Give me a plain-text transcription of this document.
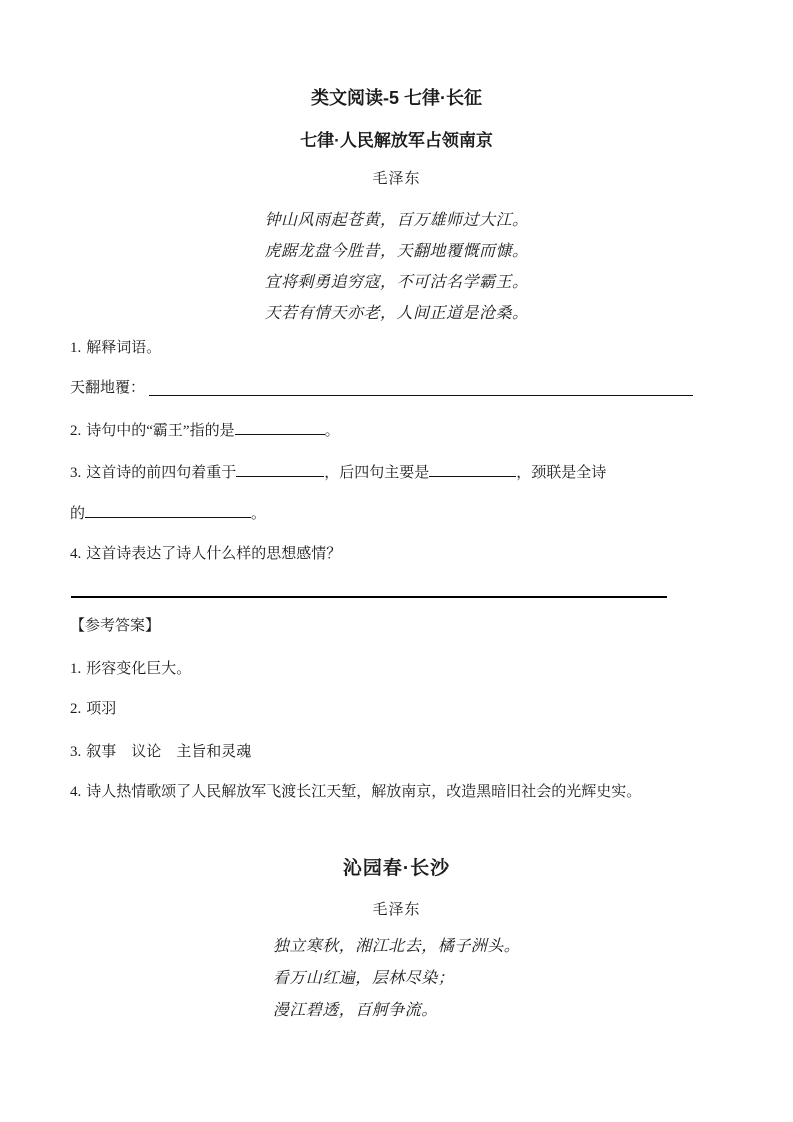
类文阅读-5 七律·长征
七律·人民解放军占领南京
毛泽东
钟山风雨起苍黄，百万雄师过大江。
虎踞龙盘今胜昔，天翻地覆慨而慷。
宜将剩勇追穷寇，不可沽名学霸王。
天若有情天亦老，人间正道是沧桑。
1. 解释词语。
天翻地覆：
2. 诗句中的“霸王”指的是	。
3. 这首诗的前四句着重于	，后四句主要是	，颈联是全诗
的	。
4. 这首诗表达了诗人什么样的思想感情？
【参考答案】
1. 形容变化巨大。
2. 项羽
3. 叙事　议论　主旨和灵魂
4. 诗人热情歌颂了人民解放军飞渡长江天堑，解放南京，改造黑暗旧社会的光辉史实。
沁园春·长沙
毛泽东
独立寒秋，湘江北去，橘子洲头。
看万山红遍，层林尽染；
漫江碧透，百舸争流。
